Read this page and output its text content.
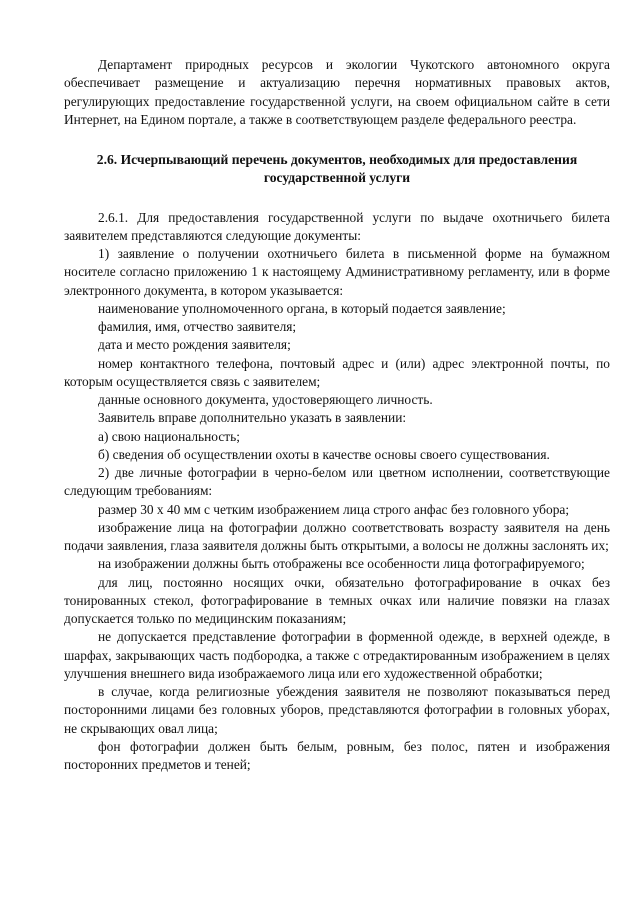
Департамент природных ресурсов и экологии Чукотского автономного округа обеспечивает размещение и актуализацию перечня нормативных правовых актов, регулирующих предоставление государственной услуги, на своем официальном сайте в сети Интернет, на Едином портале, а также в соответствующем разделе федерального реестра.

2.6. Исчерпывающий перечень документов, необходимых для предоставления государственной услуги

2.6.1. Для предоставления государственной услуги по выдаче охотничьего билета заявителем представляются следующие документы:

1) заявление о получении охотничьего билета в письменной форме на бумажном носителе согласно приложению 1 к настоящему Административному регламенту, или в форме электронного документа, в котором указывается:

наименование уполномоченного органа, в который подается заявление;

фамилия, имя, отчество заявителя;

дата и место рождения заявителя;

номер контактного телефона, почтовый адрес и (или) адрес электронной почты, по которым осуществляется связь с заявителем;

данные основного документа, удостоверяющего личность.

Заявитель вправе дополнительно указать в заявлении:

а) свою национальность;

б) сведения об осуществлении охоты в качестве основы своего существования.

2) две личные фотографии в черно-белом или цветном исполнении, соответствующие следующим требованиям:

размер 30 x 40 мм с четким изображением лица строго анфас без головного убора;

изображение лица на фотографии должно соответствовать возрасту заявителя на день подачи заявления, глаза заявителя должны быть открытыми, а волосы не должны заслонять их;

на изображении должны быть отображены все особенности лица фотографируемого;

для лиц, постоянно носящих очки, обязательно фотографирование в очках без тонированных стекол, фотографирование в темных очках или наличие повязки на глазах допускается только по медицинским показаниям;

не допускается представление фотографии в форменной одежде, в верхней одежде, в шарфах, закрывающих часть подбородка, а также с отредактированным изображением в целях улучшения внешнего вида изображаемого лица или его художественной обработки;

в случае, когда религиозные убеждения заявителя не позволяют показываться перед посторонними лицами без головных уборов, представляются фотографии в головных уборах, не скрывающих овал лица;

фон фотографии должен быть белым, ровным, без полос, пятен и изображения посторонних предметов и теней;
